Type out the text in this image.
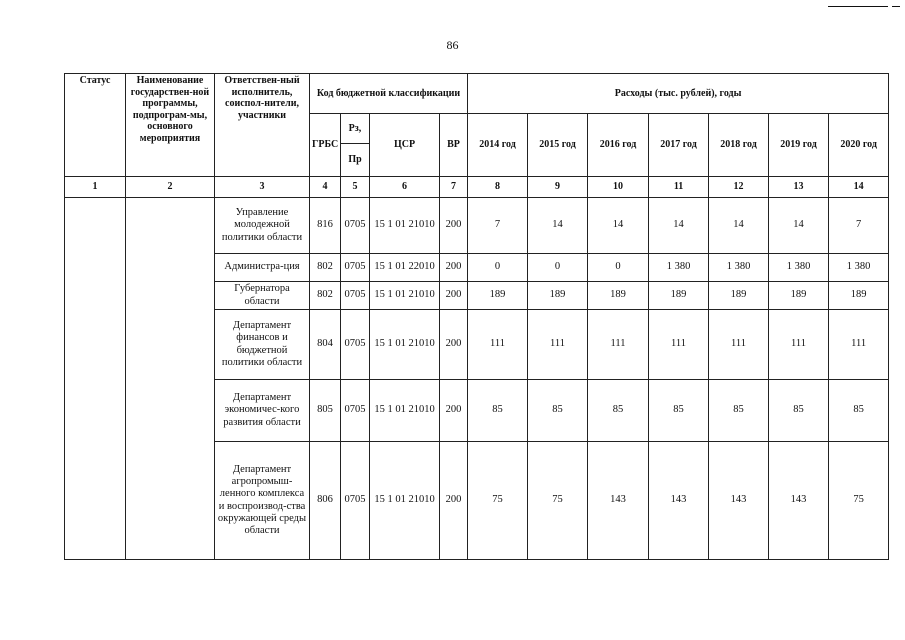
86
Статус	Наименование государствен-ной программы, подпрограм-мы, основного мероприятия	Ответствен-ный исполнитель, соиспол-нители, участники	Код бюджетной классификации				Расходы (тыс. рублей), годы						
			ГРБС	Рз,	ЦСР	ВР	2014 год	2015 год	2016 год	2017 год	2018 год	2019 год	2020 год
				Пр									
1	2	3	4	5	6	7	8	9	10	11	12	13	14
		Управление молодежной политики области	816	0705	15 1 01 21010	200	7	14	14	14	14	14	7
		Администра-ция	802	0705	15 1 01 22010	200	0	0	0	1 380	1 380	1 380	1 380
		Губернатора области	802	0705	15 1 01 21010	200	189	189	189	189	189	189	189
		Департамент финансов и бюджетной политики области	804	0705	15 1 01 21010	200	111	111	111	111	111	111	111
		Департамент экономичес-кого развития области	805	0705	15 1 01 21010	200	85	85	85	85	85	85	85
		Департамент агропромыш-ленного комплекса и воспроизвод-ства окружающей среды области	806	0705	15 1 01 21010	200	75	75	143	143	143	143	75
